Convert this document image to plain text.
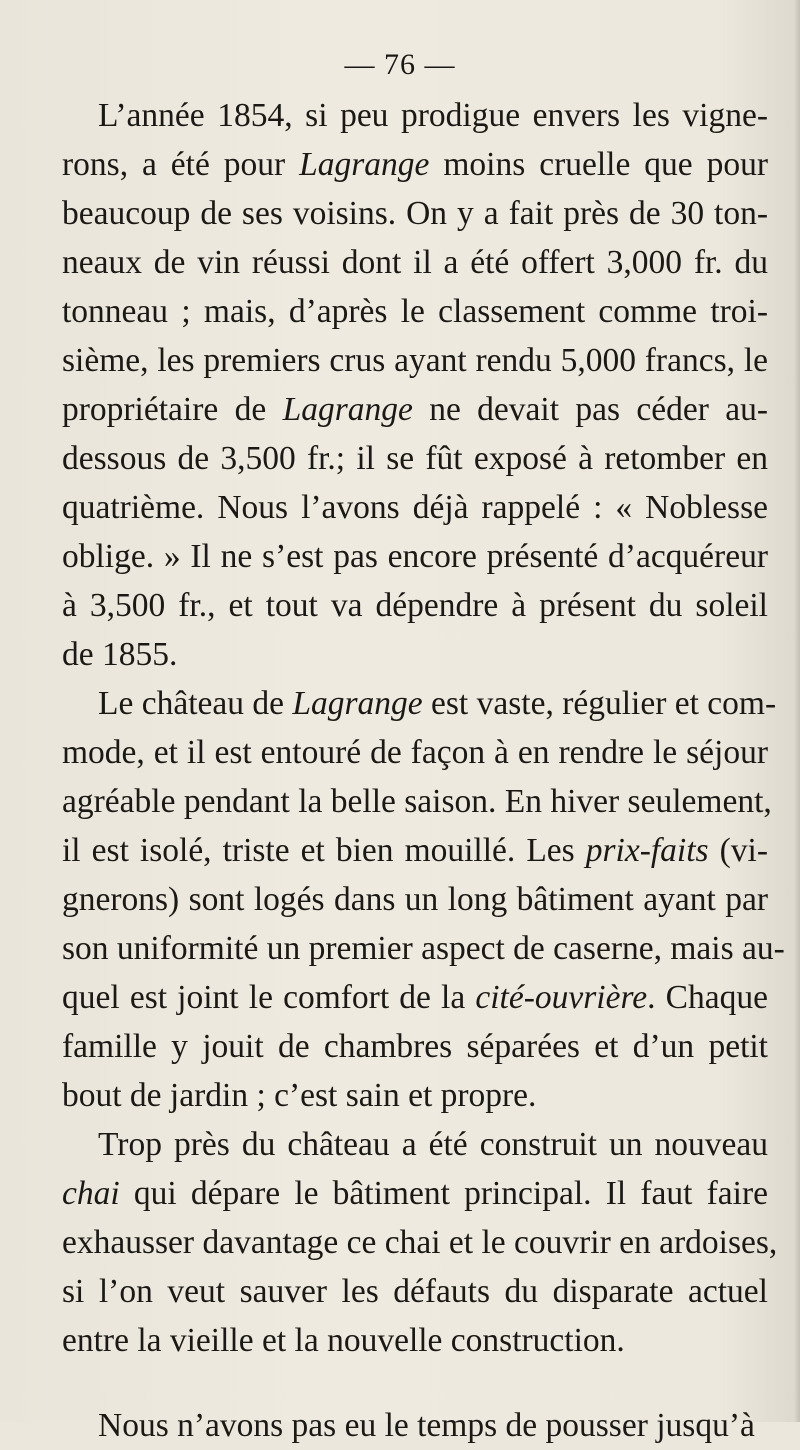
— 76 —
L’année 1854, si peu prodigue envers les vigne-
rons, a été pour Lagrange moins cruelle que pour
beaucoup de ses voisins. On y a fait près de 30 ton-
neaux de vin réussi dont il a été offert 3,000 fr. du
tonneau ; mais, d’après le classement comme troi-
sième, les premiers crus ayant rendu 5,000 francs, le
propriétaire de Lagrange ne devait pas céder au-
dessous de 3,500 fr.; il se fût exposé à retomber en
quatrième. Nous l’avons déjà rappelé : « Noblesse
oblige. » Il ne s’est pas encore présenté d’acquéreur
à 3,500 fr., et tout va dépendre à présent du soleil
de 1855.
Le château de Lagrange est vaste, régulier et com-
mode, et il est entouré de façon à en rendre le séjour
agréable pendant la belle saison. En hiver seulement,
il est isolé, triste et bien mouillé. Les prix-faits (vi-
gnerons) sont logés dans un long bâtiment ayant par
son uniformité un premier aspect de caserne, mais au-
quel est joint le comfort de la cité-ouvrière. Chaque
famille y jouit de chambres séparées et d’un petit
bout de jardin ; c’est sain et propre.
Trop près du château a été construit un nouveau
chai qui dépare le bâtiment principal. Il faut faire
exhausser davantage ce chai et le couvrir en ardoises,
si l’on veut sauver les défauts du disparate actuel
entre la vieille et la nouvelle construction.
Nous n’avons pas eu le temps de pousser jusqu’à
